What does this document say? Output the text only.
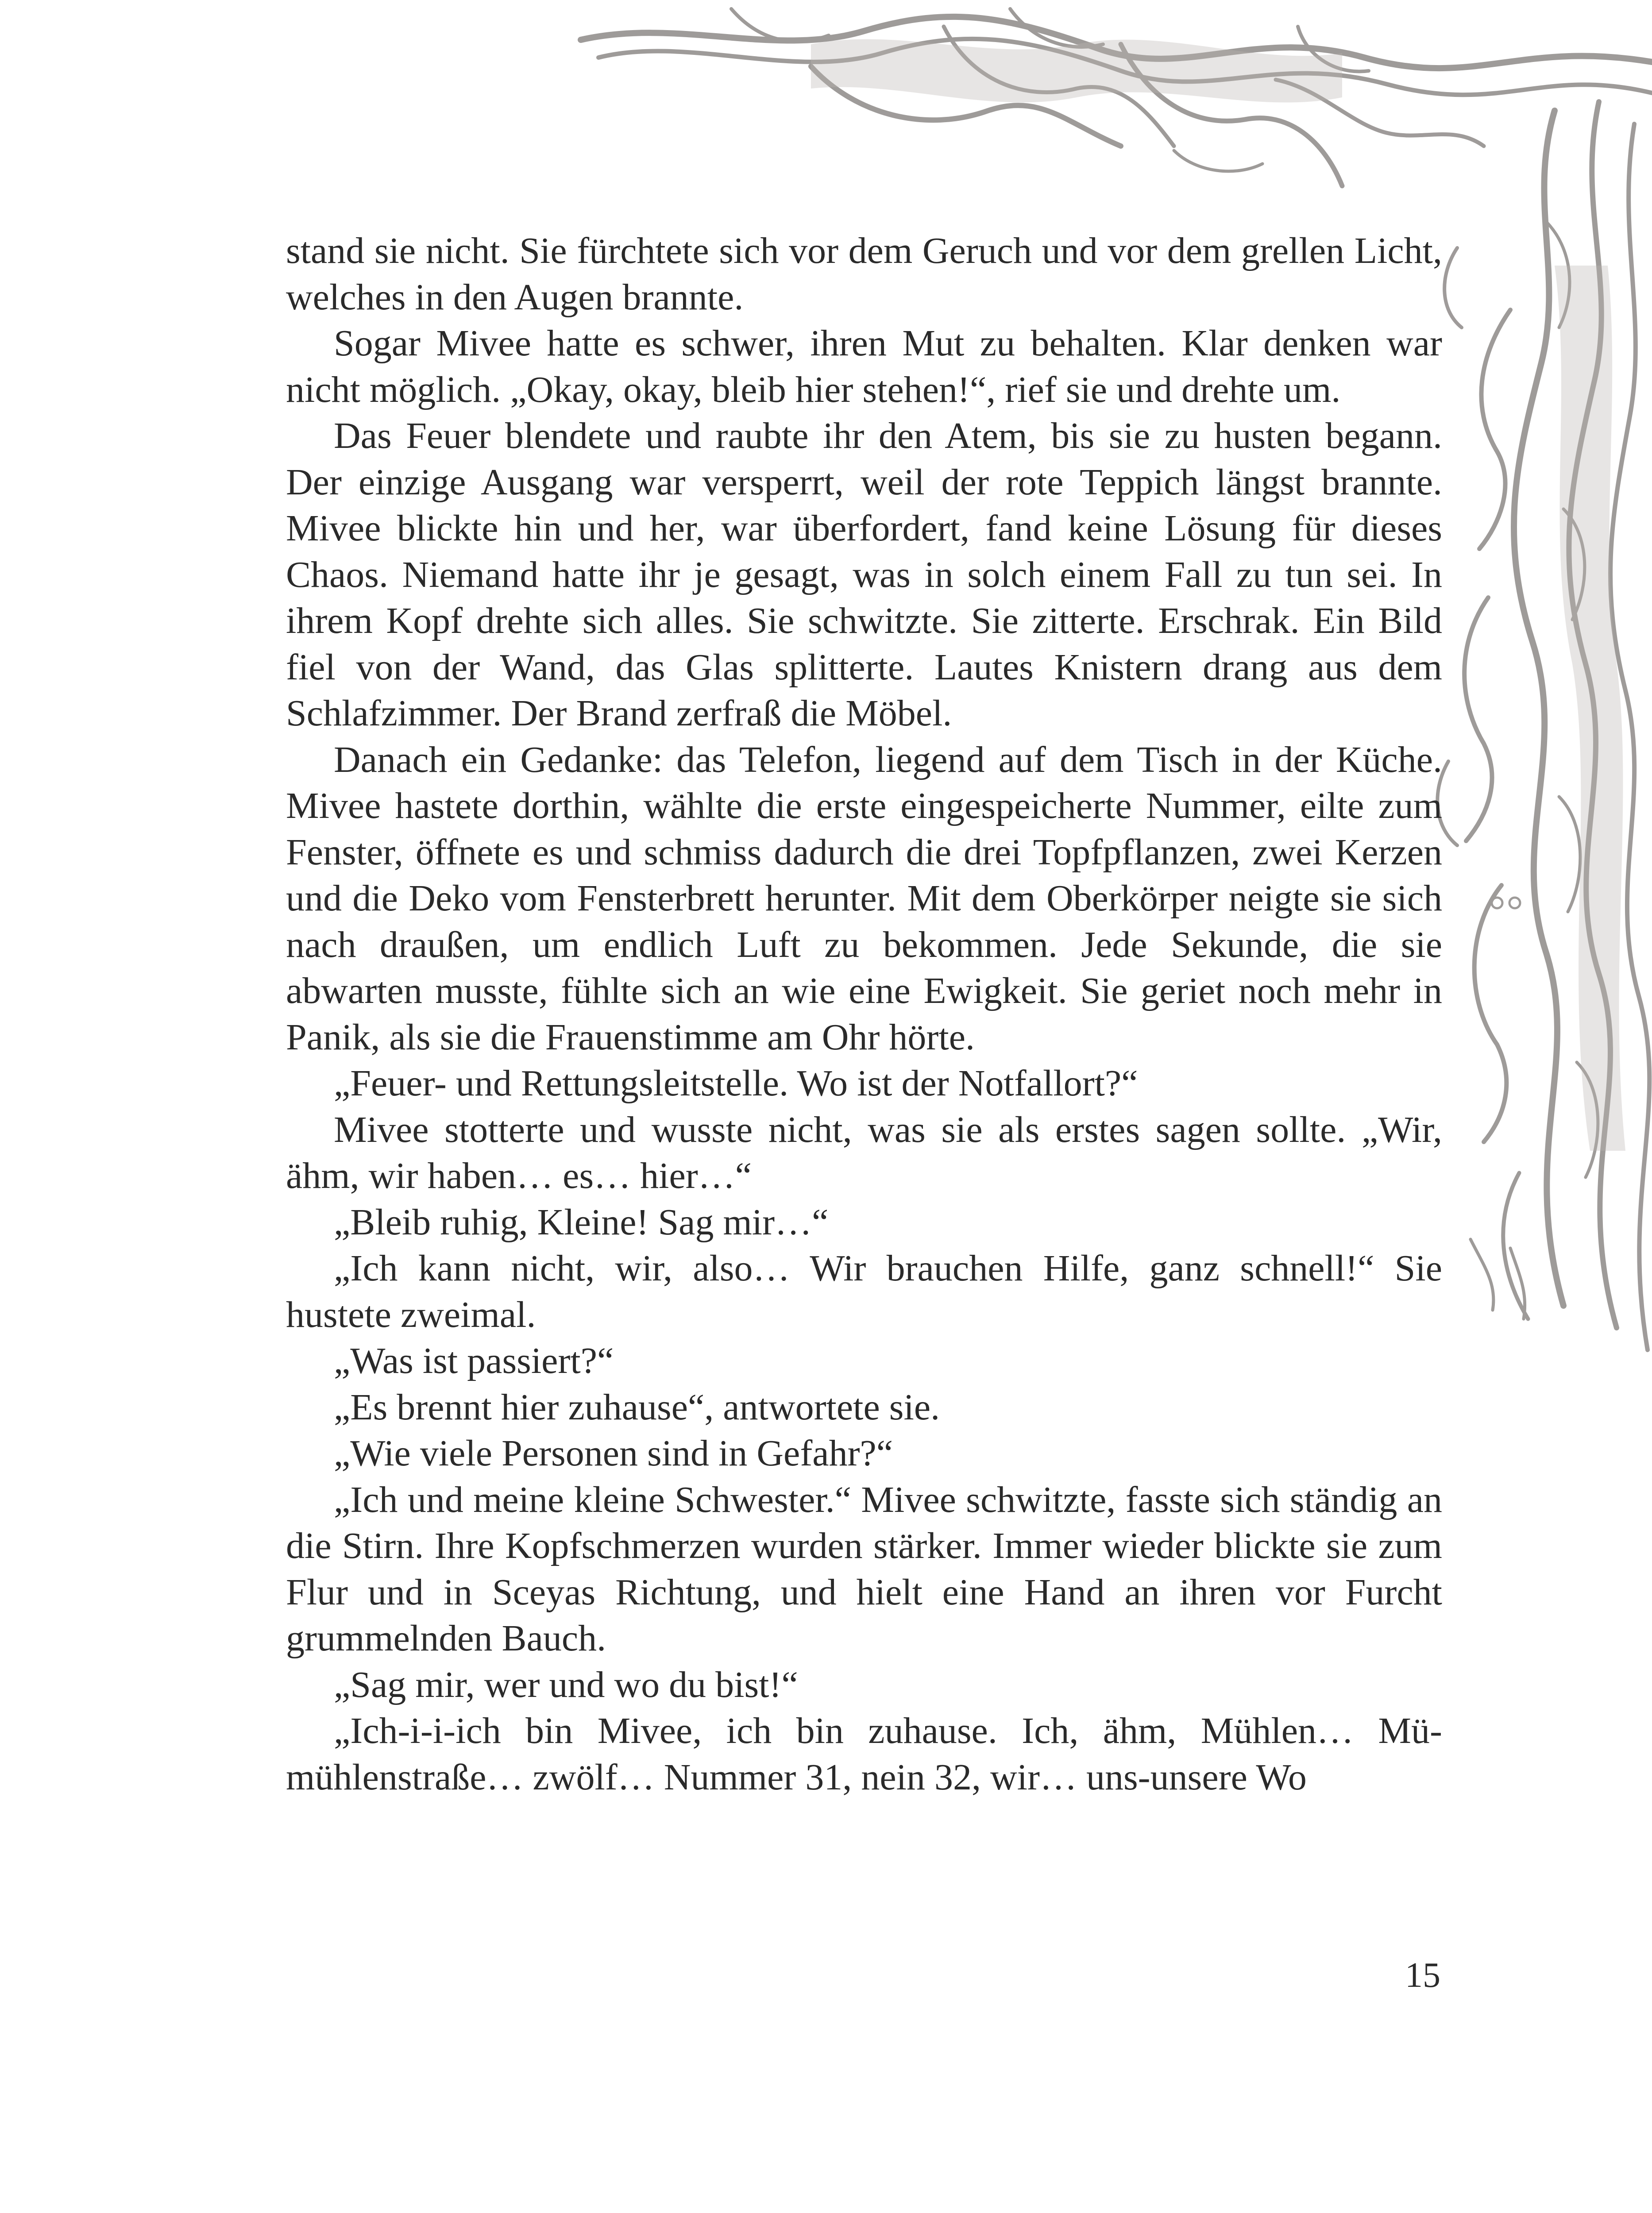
stand sie nicht. Sie fürchtete sich vor dem Geruch und vor dem grellen Licht, welches in den Augen brannte.

Sogar Mivee hatte es schwer, ihren Mut zu behalten. Klar denken war nicht möglich. „Okay, okay, bleib hier stehen!“, rief sie und drehte um.

Das Feuer blendete und raubte ihr den Atem, bis sie zu husten begann. Der einzige Ausgang war versperrt, weil der rote Teppich längst brannte. Mivee blickte hin und her, war überfordert, fand keine Lösung für dieses Chaos. Niemand hatte ihr je gesagt, was in solch einem Fall zu tun sei. In ihrem Kopf drehte sich alles. Sie schwitzte. Sie zitterte. Erschrak. Ein Bild fiel von der Wand, das Glas splitterte. Lautes Knistern drang aus dem Schlafzimmer. Der Brand zerfraß die Möbel.

Danach ein Gedanke: das Telefon, liegend auf dem Tisch in der Küche. Mivee hastete dorthin, wählte die erste eingespeicherte Nummer, eilte zum Fenster, öffnete es und schmiss dadurch die drei Topfpflanzen, zwei Kerzen und die Deko vom Fensterbrett herunter. Mit dem Oberkörper neigte sie sich nach draußen, um endlich Luft zu bekommen. Jede Sekunde, die sie abwarten musste, fühlte sich an wie eine Ewigkeit. Sie geriet noch mehr in Panik, als sie die Frauenstimme am Ohr hörte.

„Feuer- und Rettungsleitstelle. Wo ist der Notfallort?“

Mivee stotterte und wusste nicht, was sie als erstes sagen sollte. „Wir, ähm, wir haben… es… hier…“

„Bleib ruhig, Kleine! Sag mir…“

„Ich kann nicht, wir, also… Wir brauchen Hilfe, ganz schnell!“ Sie hustete zweimal.

„Was ist passiert?“

„Es brennt hier zuhause“, antwortete sie.

„Wie viele Personen sind in Gefahr?“

„Ich und meine kleine Schwester.“ Mivee schwitzte, fasste sich ständig an die Stirn. Ihre Kopfschmerzen wurden stärker. Immer wieder blickte sie zum Flur und in Sceyas Richtung, und hielt eine Hand an ihren vor Furcht grummelnden Bauch.

„Sag mir, wer und wo du bist!“

„Ich-i-i-ich bin Mivee, ich bin zuhause. Ich, ähm, Mühlen… Mümühlenstraße… zwölf… Nummer 31, nein 32, wir… uns-unsere Wo

15
